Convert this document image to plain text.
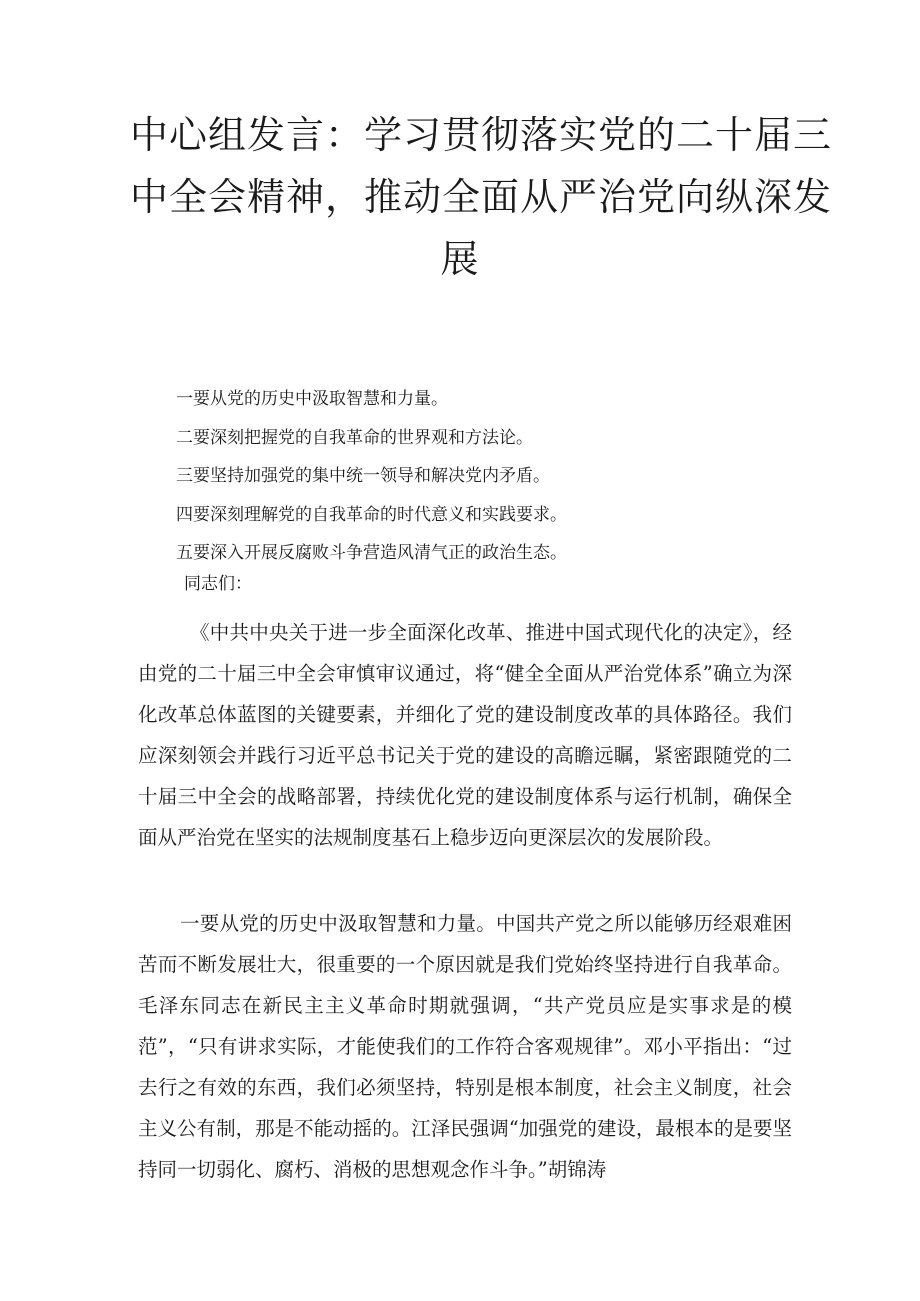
中心组发言：学习贯彻落实党的二十届三
中全会精神，推动全面从严治党向纵深发
展
一要从党的历史中汲取智慧和力量。
二要深刻把握党的自我革命的世界观和方法论。
三要坚持加强党的集中统一领导和解决党内矛盾。
四要深刻理解党的自我革命的时代意义和实践要求。
五要深入开展反腐败斗争营造风清气正的政治生态。

同志们：

《中共中央关于进一步全面深化改革、推进中国式现代化的决定》，经由党的二十届三中全会审慎审议通过，将“健全全面从严治党体系”确立为深化改革总体蓝图的关键要素，并细化了党的建设制度改革的具体路径。我们应深刻领会并践行习近平总书记关于党的建设的高瞻远瞩，紧密跟随党的二十届三中全会的战略部署，持续优化党的建设制度体系与运行机制，确保全面从严治党在坚实的法规制度基石上稳步迈向更深层次的发展阶段。

一要从党的历史中汲取智慧和力量。中国共产党之所以能够历经艰难困苦而不断发展壮大，很重要的一个原因就是我们党始终坚持进行自我革命。毛泽东同志在新民主主义革命时期就强调，“共产党员应是实事求是的模范”，“只有讲求实际，才能使我们的工作符合客观规律”。邓小平指出：“过去行之有效的东西，我们必须坚持，特别是根本制度，社会主义制度，社会主义公有制，那是不能动摇的。江泽民强调“加强党的建设，最根本的是要坚持同一切弱化、腐朽、消极的思想观念作斗争。”胡锦涛
